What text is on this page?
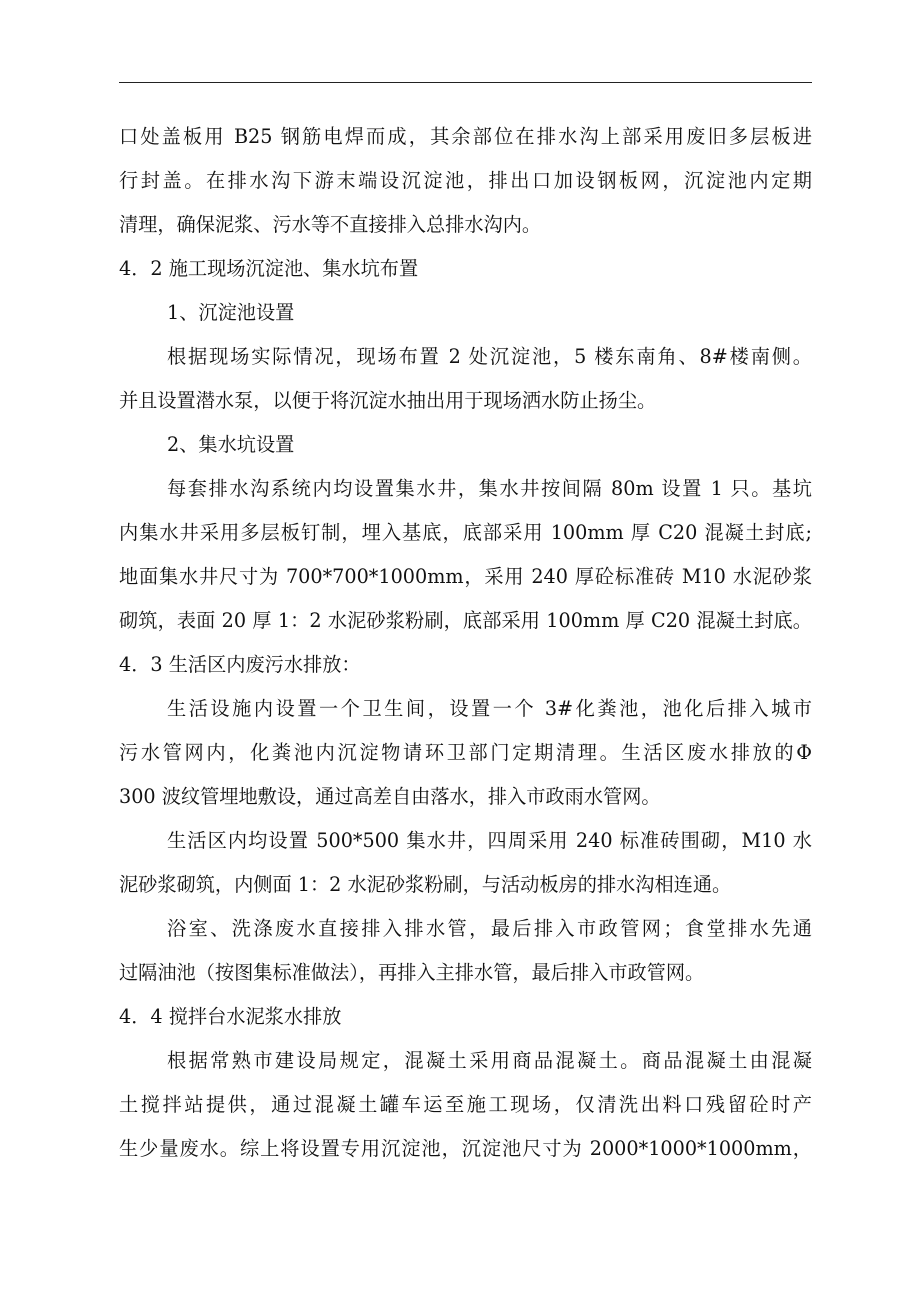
口处盖板用 B25 钢筋电焊而成，其余部位在排水沟上部采用废旧多层板进
行封盖。在排水沟下游末端设沉淀池，排出口加设钢板网，沉淀池内定期
清理，确保泥浆、污水等不直接排入总排水沟内。
4．2 施工现场沉淀池、集水坑布置
1、沉淀池设置
根据现场实际情况，现场布置 2 处沉淀池，5 楼东南角、8#楼南侧。
并且设置潜水泵，以便于将沉淀水抽出用于现场洒水防止扬尘。
2、集水坑设置
每套排水沟系统内均设置集水井，集水井按间隔 80m 设置 1 只。基坑
内集水井采用多层板钉制，埋入基底，底部采用 100mm 厚 C20 混凝土封底;
地面集水井尺寸为 700*700*1000mm，采用 240 厚砼标准砖 M10 水泥砂浆
砌筑，表面 20 厚 1：2 水泥砂浆粉刷，底部采用 100mm 厚 C20 混凝土封底。
4．3 生活区内废污水排放：
生活设施内设置一个卫生间，设置一个 3#化粪池，池化后排入城市
污水管网内，化粪池内沉淀物请环卫部门定期清理。生活区废水排放的Φ
300 波纹管埋地敷设，通过高差自由落水，排入市政雨水管网。
生活区内均设置 500*500 集水井，四周采用 240 标准砖围砌，M10 水
泥砂浆砌筑，内侧面 1：2 水泥砂浆粉刷，与活动板房的排水沟相连通。
浴室、洗涤废水直接排入排水管，最后排入市政管网；食堂排水先通
过隔油池（按图集标准做法），再排入主排水管，最后排入市政管网。
4．4 搅拌台水泥浆水排放
根据常熟市建设局规定，混凝土采用商品混凝土。商品混凝土由混凝
土搅拌站提供，通过混凝土罐车运至施工现场，仅清洗出料口残留砼时产
生少量废水。综上将设置专用沉淀池，沉淀池尺寸为 2000*1000*1000mm，
